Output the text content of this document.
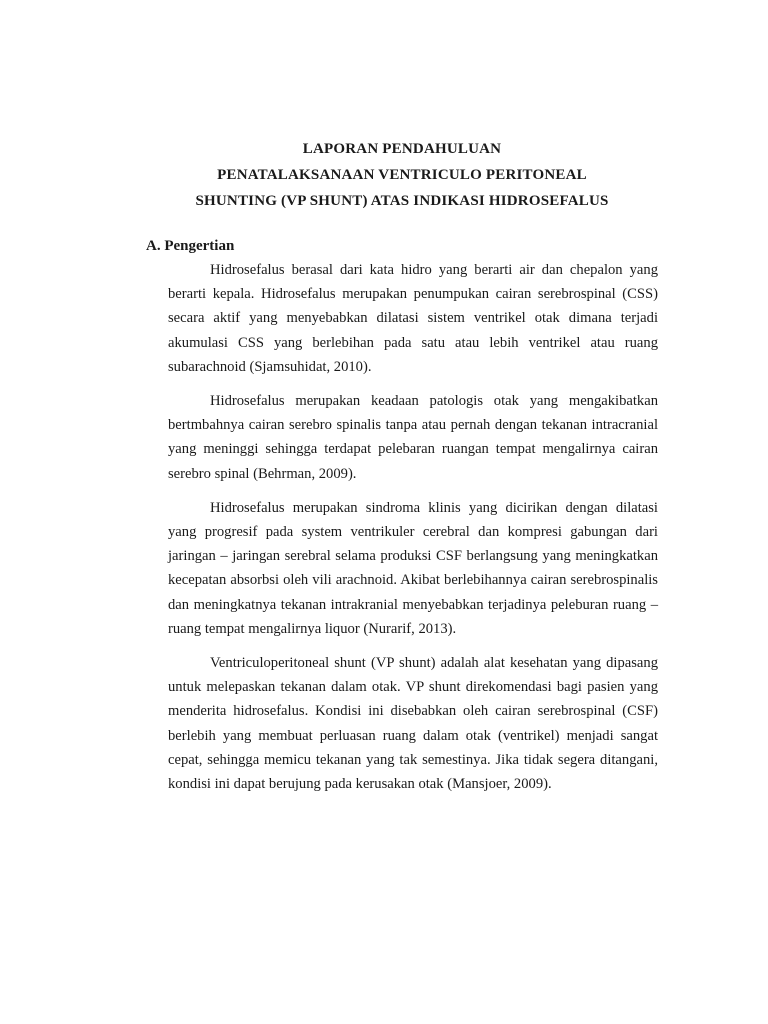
LAPORAN PENDAHULUAN
PENATALAKSANAAN VENTRICULO PERITONEAL
SHUNTING (VP SHUNT) ATAS INDIKASI HIDROSEFALUS
A. Pengertian

Hidrosefalus berasal dari kata hidro yang berarti air dan chepalon yang berarti kepala. Hidrosefalus merupakan penumpukan cairan serebrospinal (CSS) secara aktif yang menyebabkan dilatasi sistem ventrikel otak dimana terjadi akumulasi CSS yang berlebihan pada satu atau lebih ventrikel atau ruang subarachnoid (Sjamsuhidat, 2010).

Hidrosefalus merupakan keadaan patologis otak yang mengakibatkan bertmbahnya cairan serebro spinalis tanpa atau pernah dengan tekanan intracranial yang meninggi sehingga terdapat pelebaran ruangan tempat mengalirnya cairan serebro spinal (Behrman, 2009).

Hidrosefalus merupakan sindroma klinis yang dicirikan dengan dilatasi yang progresif pada system ventrikuler cerebral dan kompresi gabungan dari jaringan – jaringan serebral selama produksi CSF berlangsung yang meningkatkan kecepatan absorbsi oleh vili arachnoid. Akibat berlebihannya cairan serebrospinalis dan meningkatnya tekanan intrakranial menyebabkan terjadinya peleburan ruang – ruang tempat mengalirnya liquor (Nurarif, 2013).

Ventriculoperitoneal shunt (VP shunt) adalah alat kesehatan yang dipasang untuk melepaskan tekanan dalam otak. VP shunt direkomendasi bagi pasien yang menderita hidrosefalus. Kondisi ini disebabkan oleh cairan serebrospinal (CSF) berlebih yang membuat perluasan ruang dalam otak (ventrikel) menjadi sangat cepat, sehingga memicu tekanan yang tak semestinya. Jika tidak segera ditangani, kondisi ini dapat berujung pada kerusakan otak (Mansjoer, 2009).
